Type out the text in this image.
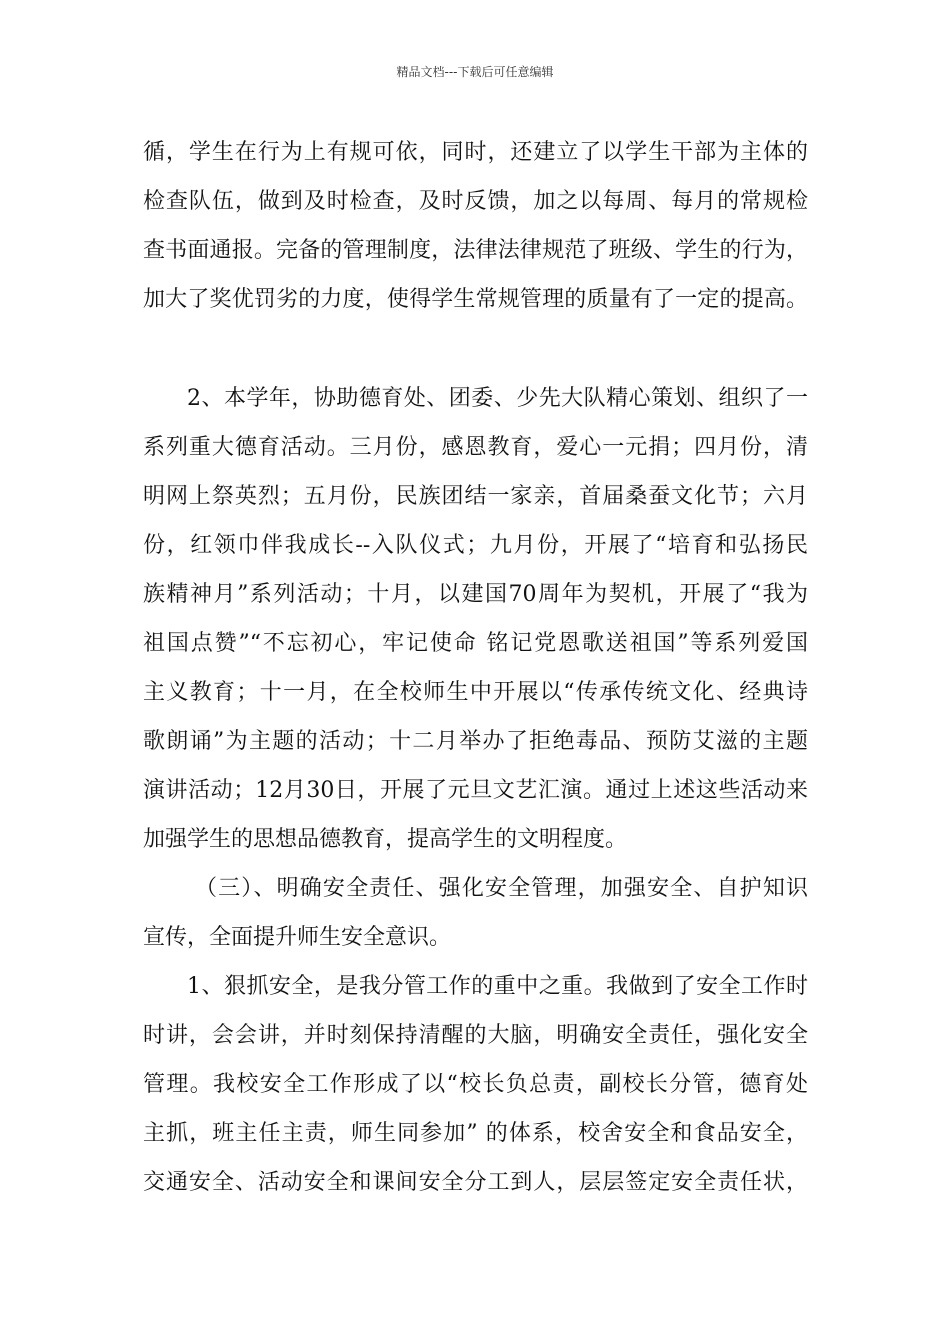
精品文档---下载后可任意编辑
循，学生在行为上有规可依，同时，还建立了以学生干部为主体的
检查队伍，做到及时检查，及时反馈，加之以每周、每月的常规检
查书面通报。完备的管理制度，法律法律规范了班级、学生的行为，
加大了奖优罚劣的力度，使得学生常规管理的质量有了一定的提高。
2、本学年，协助德育处、团委、少先大队精心策划、组织了一
系列重大德育活动。三月份，感恩教育，爱心一元捐；四月份，清
明网上祭英烈；五月份，民族团结一家亲，首届桑蚕文化节；六月
份，红领巾伴我成长--入队仪式；九月份，开展了“培育和弘扬民
族精神月”系列活动；十月，以建国70周年为契机，开展了“我为
祖国点赞”“不忘初心，牢记使命 铭记党恩歌送祖国”等系列爱国
主义教育；十一月，在全校师生中开展以“传承传统文化、经典诗
歌朗诵”为主题的活动；十二月举办了拒绝毒品、预防艾滋的主题
演讲活动；12月30日，开展了元旦文艺汇演。通过上述这些活动来
加强学生的思想品德教育，提高学生的文明程度。
（三）、明确安全责任、强化安全管理，加强安全、自护知识
宣传，全面提升师生安全意识。
1、狠抓安全，是我分管工作的重中之重。我做到了安全工作时
时讲，会会讲，并时刻保持清醒的大脑，明确安全责任，强化安全
管理。我校安全工作形成了以“校长负总责，副校长分管，德育处
主抓，班主任主责，师生同参加” 的体系，校舍安全和食品安全，
交通安全、活动安全和课间安全分工到人，层层签定安全责任状，
